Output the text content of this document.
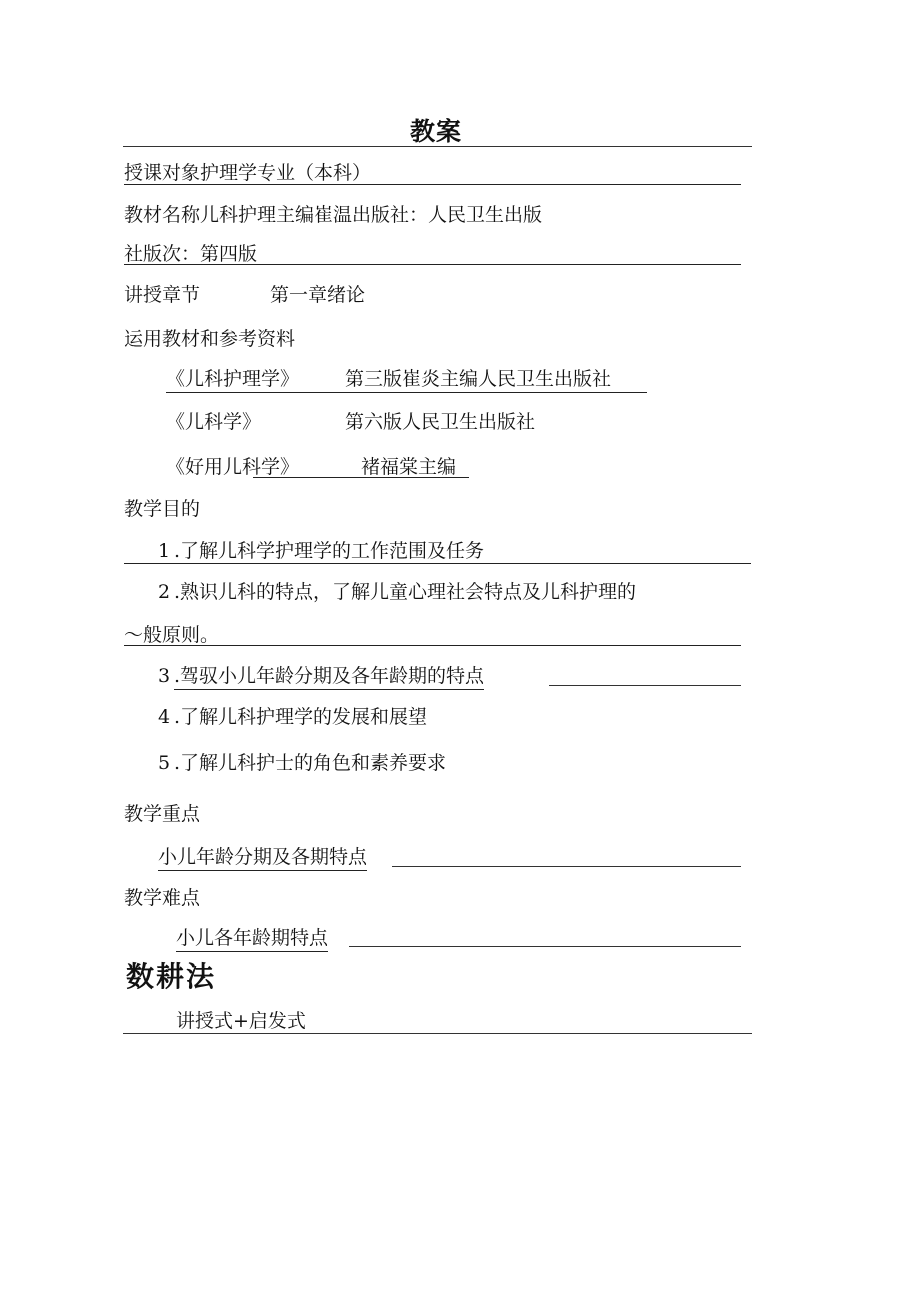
教案
授课对象护理学专业（本科）
教材名称儿科护理主编崔温出版社：人民卫生出版
社版次：第四版
讲授章节	第一章绪论
运用教材和参考资料
《儿科护理学》	第三版崔炎主编人民卫生出版社
《儿科学》	第六版人民卫生出版社
《好用儿科学》	褚福棠主编
教学目的
1 .了解儿科学护理学的工作范围及任务
2 .熟识儿科的特点，了解儿童心理社会特点及儿科护理的
〜般原则。
3 .驾驭小儿年龄分期及各年龄期的特点
4 .了解儿科护理学的发展和展望
5 .了解儿科护士的角色和素养要求
教学重点
小儿年龄分期及各期特点
教学难点
小儿各年龄期特点
数耕法
讲授式+启发式
